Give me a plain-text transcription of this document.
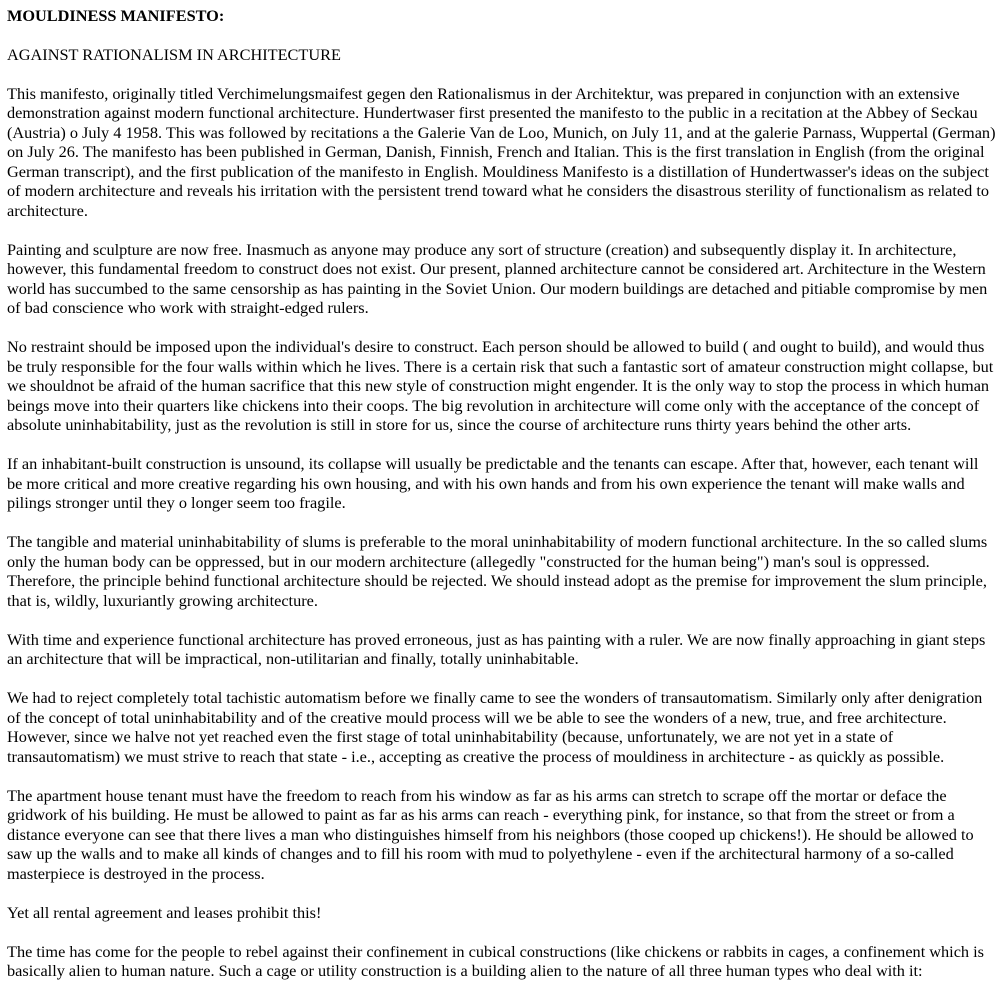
MOULDINESS MANIFESTO:
AGAINST RATIONALISM IN ARCHITECTURE
This manifesto, originally titled Verchimelungsmaifest gegen den Rationalismus in der Architektur, was prepared in conjunction with an extensive demonstration against modern functional architecture. Hundertwaser first presented the manifesto to the public in a recitation at the Abbey of Seckau (Austria) o July 4 1958. This was followed by recitations a the Galerie Van de Loo, Munich, on July 11, and at the galerie Parnass, Wuppertal (German) on July 26. The manifesto has been published in German, Danish, Finnish, French and Italian. This is the first translation in English (from the original German transcript), and the first publication of the manifesto in English. Mouldiness Manifesto is a distillation of Hundertwasser's ideas on the subject of modern architecture and reveals his irritation with the persistent trend toward what he considers the disastrous sterility of functionalism as related to architecture.
Painting and sculpture are now free. Inasmuch as anyone may produce any sort of structure (creation) and subsequently display it. In architecture, however, this fundamental freedom to construct does not exist. Our present, planned architecture cannot be considered art. Architecture in the Western world has succumbed to the same censorship as has painting in the Soviet Union. Our modern buildings are detached and pitiable compromise by men of bad conscience who work with straight-edged rulers.
No restraint should be imposed upon the individual's desire to construct. Each person should be allowed to build ( and ought to build), and would thus be truly responsible for the four walls within which he lives. There is a certain risk that such a fantastic sort of amateur construction might collapse, but we shouldnot be afraid of the human sacrifice that this new style of construction might engender. It is the only way to stop the process in which human beings move into their quarters like chickens into their coops. The big revolution in architecture will come only with the acceptance of the concept of absolute uninhabitability, just as the revolution is still in store for us, since the course of architecture runs thirty years behind the other arts.
If an inhabitant-built construction is unsound, its collapse will usually be predictable and the tenants can escape. After that, however, each tenant will be more critical and more creative regarding his own housing, and with his own hands and from his own experience the tenant will make walls and pilings stronger until they o longer seem too fragile.
The tangible and material uninhabitability of slums is preferable to the moral uninhabitability of modern functional architecture. In the so called slums only the human body can be oppressed, but in our modern architecture (allegedly "constructed for the human being") man's soul is oppressed. Therefore, the principle behind functional architecture should be rejected. We should instead adopt as the premise for improvement the slum principle, that is, wildly, luxuriantly growing architecture.
With time and experience functional architecture has proved erroneous, just as has painting with a ruler. We are now finally approaching in giant steps an architecture that will be impractical, non-utilitarian and finally, totally uninhabitable.
We had to reject completely total tachistic automatism before we finally came to see the wonders of transautomatism. Similarly only after denigration of the concept of total uninhabitability and of the creative mould process will we be able to see the wonders of a new, true, and free architecture. However, since we halve not yet reached even the first stage of total uninhabitability (because, unfortunately, we are not yet in a state of transautomatism) we must strive to reach that state - i.e., accepting as creative the process of mouldiness in architecture - as quickly as possible.
The apartment house tenant must have the freedom to reach from his window as far as his arms can stretch to scrape off the mortar or deface the gridwork of his building. He must be allowed to paint as far as his arms can reach - everything pink, for instance, so that from the street or from a distance everyone can see that there lives a man who distinguishes himself from his neighbors (those cooped up chickens!). He should be allowed to saw up the walls and to make all kinds of changes and to fill his room with mud to polyethylene - even if the architectural harmony of a so-called masterpiece is destroyed in the process.
Yet all rental agreement and leases prohibit this!
The time has come for the people to rebel against their confinement in cubical constructions (like chickens or rabbits in cages, a confinement which is basically alien to human nature. Such a cage or utility construction is a building alien to the nature of all three human types who deal with it:
